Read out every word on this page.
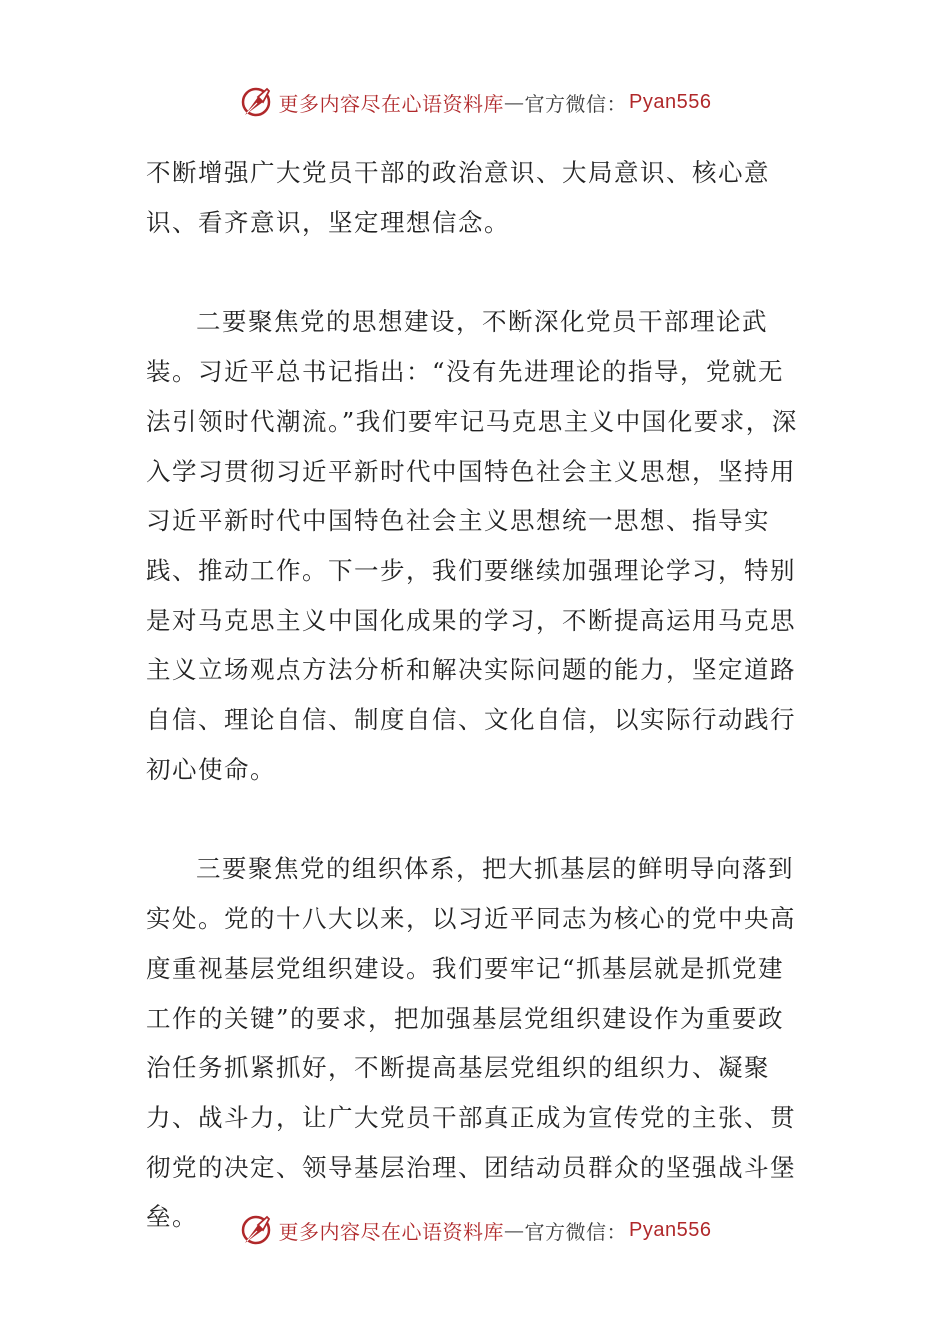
更多内容尽在心语资料库 — 官方微信： Pyan556

不断增强广大党员干部的政治意识、大局意识、核心意识、看齐意识，坚定理想信念。

二要聚焦党的思想建设，不断深化党员干部理论武装。习近平总书记指出：“没有先进理论的指导，党就无法引领时代潮流。”我们要牢记马克思主义中国化要求，深入学习贯彻习近平新时代中国特色社会主义思想，坚持用习近平新时代中国特色社会主义思想统一思想、指导实践、推动工作。下一步，我们要继续加强理论学习，特别是对马克思主义中国化成果的学习，不断提高运用马克思主义立场观点方法分析和解决实际问题的能力，坚定道路自信、理论自信、制度自信、文化自信，以实际行动践行初心使命。

三要聚焦党的组织体系，把大抓基层的鲜明导向落到实处。党的十八大以来，以习近平同志为核心的党中央高度重视基层党组织建设。我们要牢记“抓基层就是抓党建工作的关键”的要求，把加强基层党组织建设作为重要政治任务抓紧抓好，不断提高基层党组织的组织力、凝聚力、战斗力，让广大党员干部真正成为宣传党的主张、贯彻党的决定、领导基层治理、团结动员群众的坚强战斗堡垒。

更多内容尽在心语资料库 — 官方微信： Pyan556
